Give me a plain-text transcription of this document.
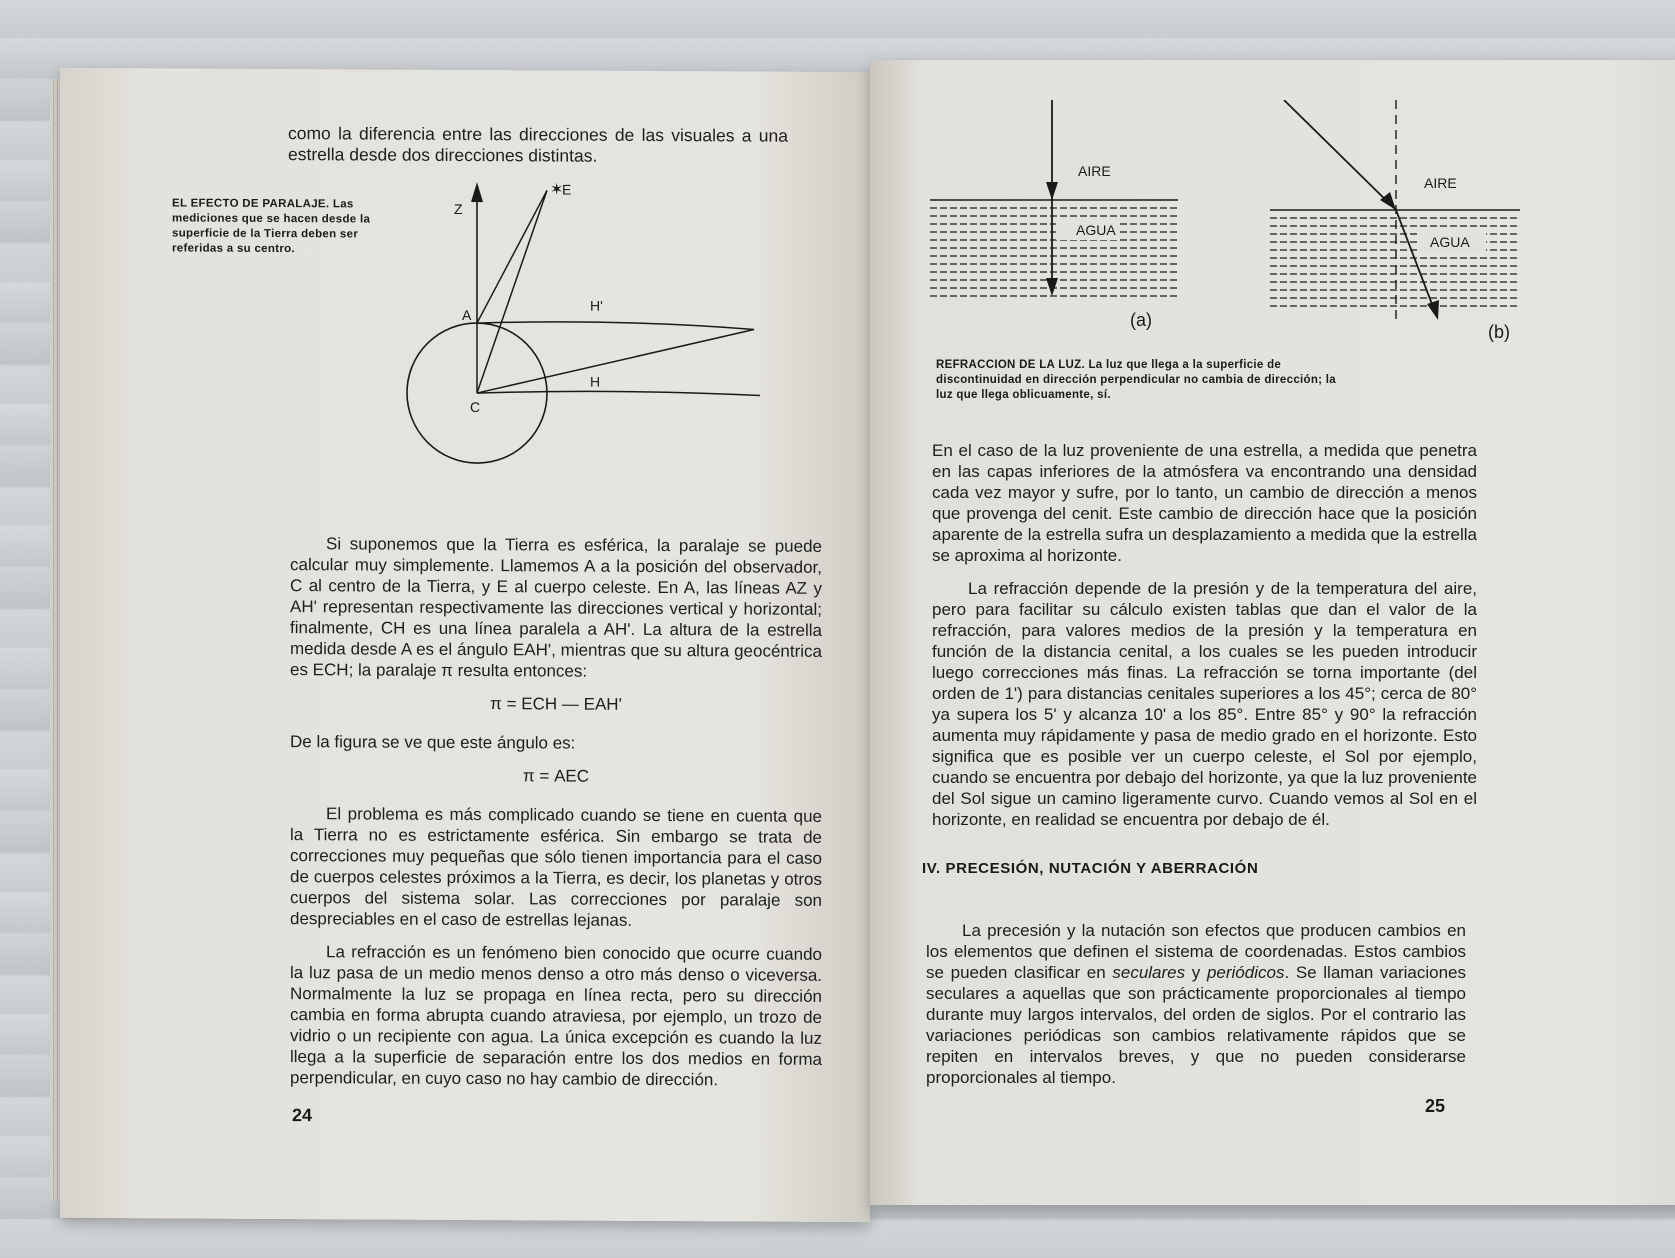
como la diferencia entre las direcciones de las visuales a una estrella desde dos direcciones distintas.
EL EFECTO DE PARALAJE. Las mediciones que se hacen desde la superficie de la Tierra deben ser referidas a su centro.
✶
Z
E
A
H'
H
C

Si suponemos que la Tierra es esférica, la paralaje se puede calcular muy simplemente. Llamemos A a la posición del observador, C al centro de la Tierra, y E al cuerpo celeste. En A, las líneas AZ y AH' representan respectivamente las direcciones vertical y horizontal; finalmente, CH es una línea paralela a AH'. La altura de la estrella medida desde A es el ángulo EAH', mientras que su altura geocéntrica es ECH; la paralaje π resulta entonces:

π = ECH — EAH'

De la figura se ve que este ángulo es:

π = AEC

El problema es más complicado cuando se tiene en cuenta que la Tierra no es estrictamente esférica. Sin embargo se trata de correcciones muy pequeñas que sólo tienen importancia para el caso de cuerpos celestes próximos a la Tierra, es decir, los planetas y otros cuerpos del sistema solar. Las correcciones por paralaje son despreciables en el caso de estrellas lejanas.

La refracción es un fenómeno bien conocido que ocurre cuando la luz pasa de un medio menos denso a otro más denso o viceversa. Normalmente la luz se propaga en línea recta, pero su dirección cambia en forma abrupta cuando atraviesa, por ejemplo, un trozo de vidrio o un recipiente con agua. La única excepción es cuando la luz llega a la superficie de separación entre los dos medios en forma perpendicular, en cuyo caso no hay cambio de dirección.

24
AIRE
AGUA
(a)
AIRE
AGUA
(b)
REFRACCION DE LA LUZ. La luz que llega a la superficie de discontinuidad en dirección perpendicular no cambia de dirección; la luz que llega oblicuamente, sí.

En el caso de la luz proveniente de una estrella, a medida que penetra en las capas inferiores de la atmósfera va encontrando una densidad cada vez mayor y sufre, por lo tanto, un cambio de dirección a menos que provenga del cenit. Este cambio de dirección hace que la posición aparente de la estrella sufra un desplazamiento a medida que la estrella se aproxima al horizonte.

La refracción depende de la presión y de la temperatura del aire, pero para facilitar su cálculo existen tablas que dan el valor de la refracción, para valores medios de la presión y la temperatura en función de la distancia cenital, a los cuales se les pueden introducir luego correcciones más finas. La refracción se torna importante (del orden de 1') para distancias cenitales superiores a los 45°; cerca de 80° ya supera los 5' y alcanza 10' a los 85°. Entre 85° y 90° la refracción aumenta muy rápidamente y pasa de medio grado en el horizonte. Esto significa que es posible ver un cuerpo celeste, el Sol por ejemplo, cuando se encuentra por debajo del horizonte, ya que la luz proveniente del Sol sigue un camino ligeramente curvo. Cuando vemos al Sol en el horizonte, en realidad se encuentra por debajo de él.

IV. PRECESIÓN, NUTACIÓN Y ABERRACIÓN

La precesión y la nutación son efectos que producen cambios en los elementos que definen el sistema de coordenadas. Estos cambios se pueden clasificar en seculares y periódicos. Se llaman variaciones seculares a aquellas que son prácticamente proporcionales al tiempo durante muy largos intervalos, del orden de siglos. Por el contrario las variaciones periódicas son cambios relativamente rápidos que se repiten en intervalos breves, y que no pueden considerarse proporcionales al tiempo.

25
